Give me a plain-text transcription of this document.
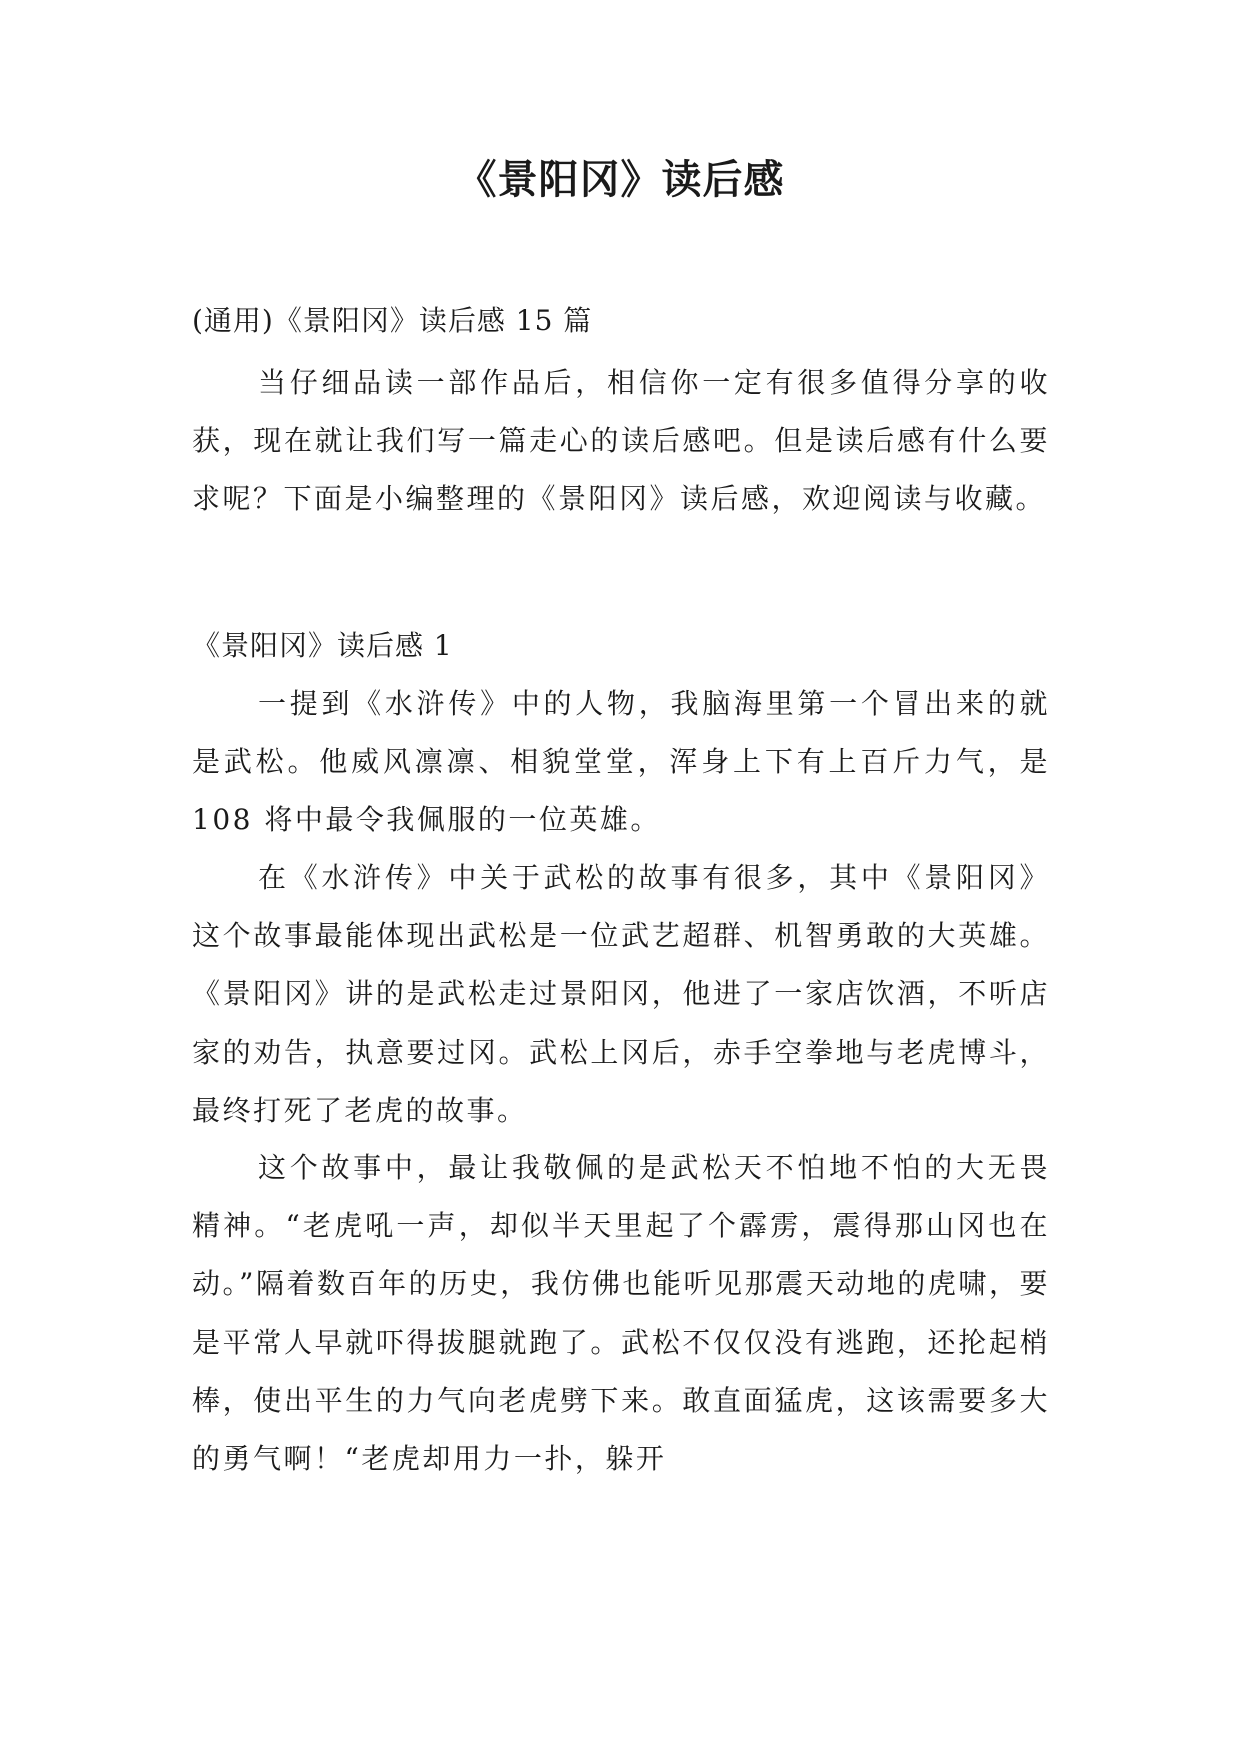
《景阳冈》读后感

(通用)《景阳冈》读后感 15 篇

当仔细品读一部作品后，相信你一定有很多值得分享的收获，现在就让我们写一篇走心的读后感吧。但是读后感有什么要求呢？下面是小编整理的《景阳冈》读后感，欢迎阅读与收藏。

《景阳冈》读后感 1

一提到《水浒传》中的人物，我脑海里第一个冒出来的就是武松。他威风凛凛、相貌堂堂，浑身上下有上百斤力气，是 108 将中最令我佩服的一位英雄。

在《水浒传》中关于武松的故事有很多，其中《景阳冈》这个故事最能体现出武松是一位武艺超群、机智勇敢的大英雄。《景阳冈》讲的是武松走过景阳冈，他进了一家店饮酒，不听店家的劝告，执意要过冈。武松上冈后，赤手空拳地与老虎博斗，最终打死了老虎的故事。

这个故事中，最让我敬佩的是武松天不怕地不怕的大无畏精神。“老虎吼一声，却似半天里起了个霹雳，震得那山冈也在动。”隔着数百年的历史，我仿佛也能听见那震天动地的虎啸，要是平常人早就吓得拔腿就跑了。武松不仅仅没有逃跑，还抡起梢棒，使出平生的力气向老虎劈下来。敢直面猛虎，这该需要多大的勇气啊！“老虎却用力一扑，躲开
